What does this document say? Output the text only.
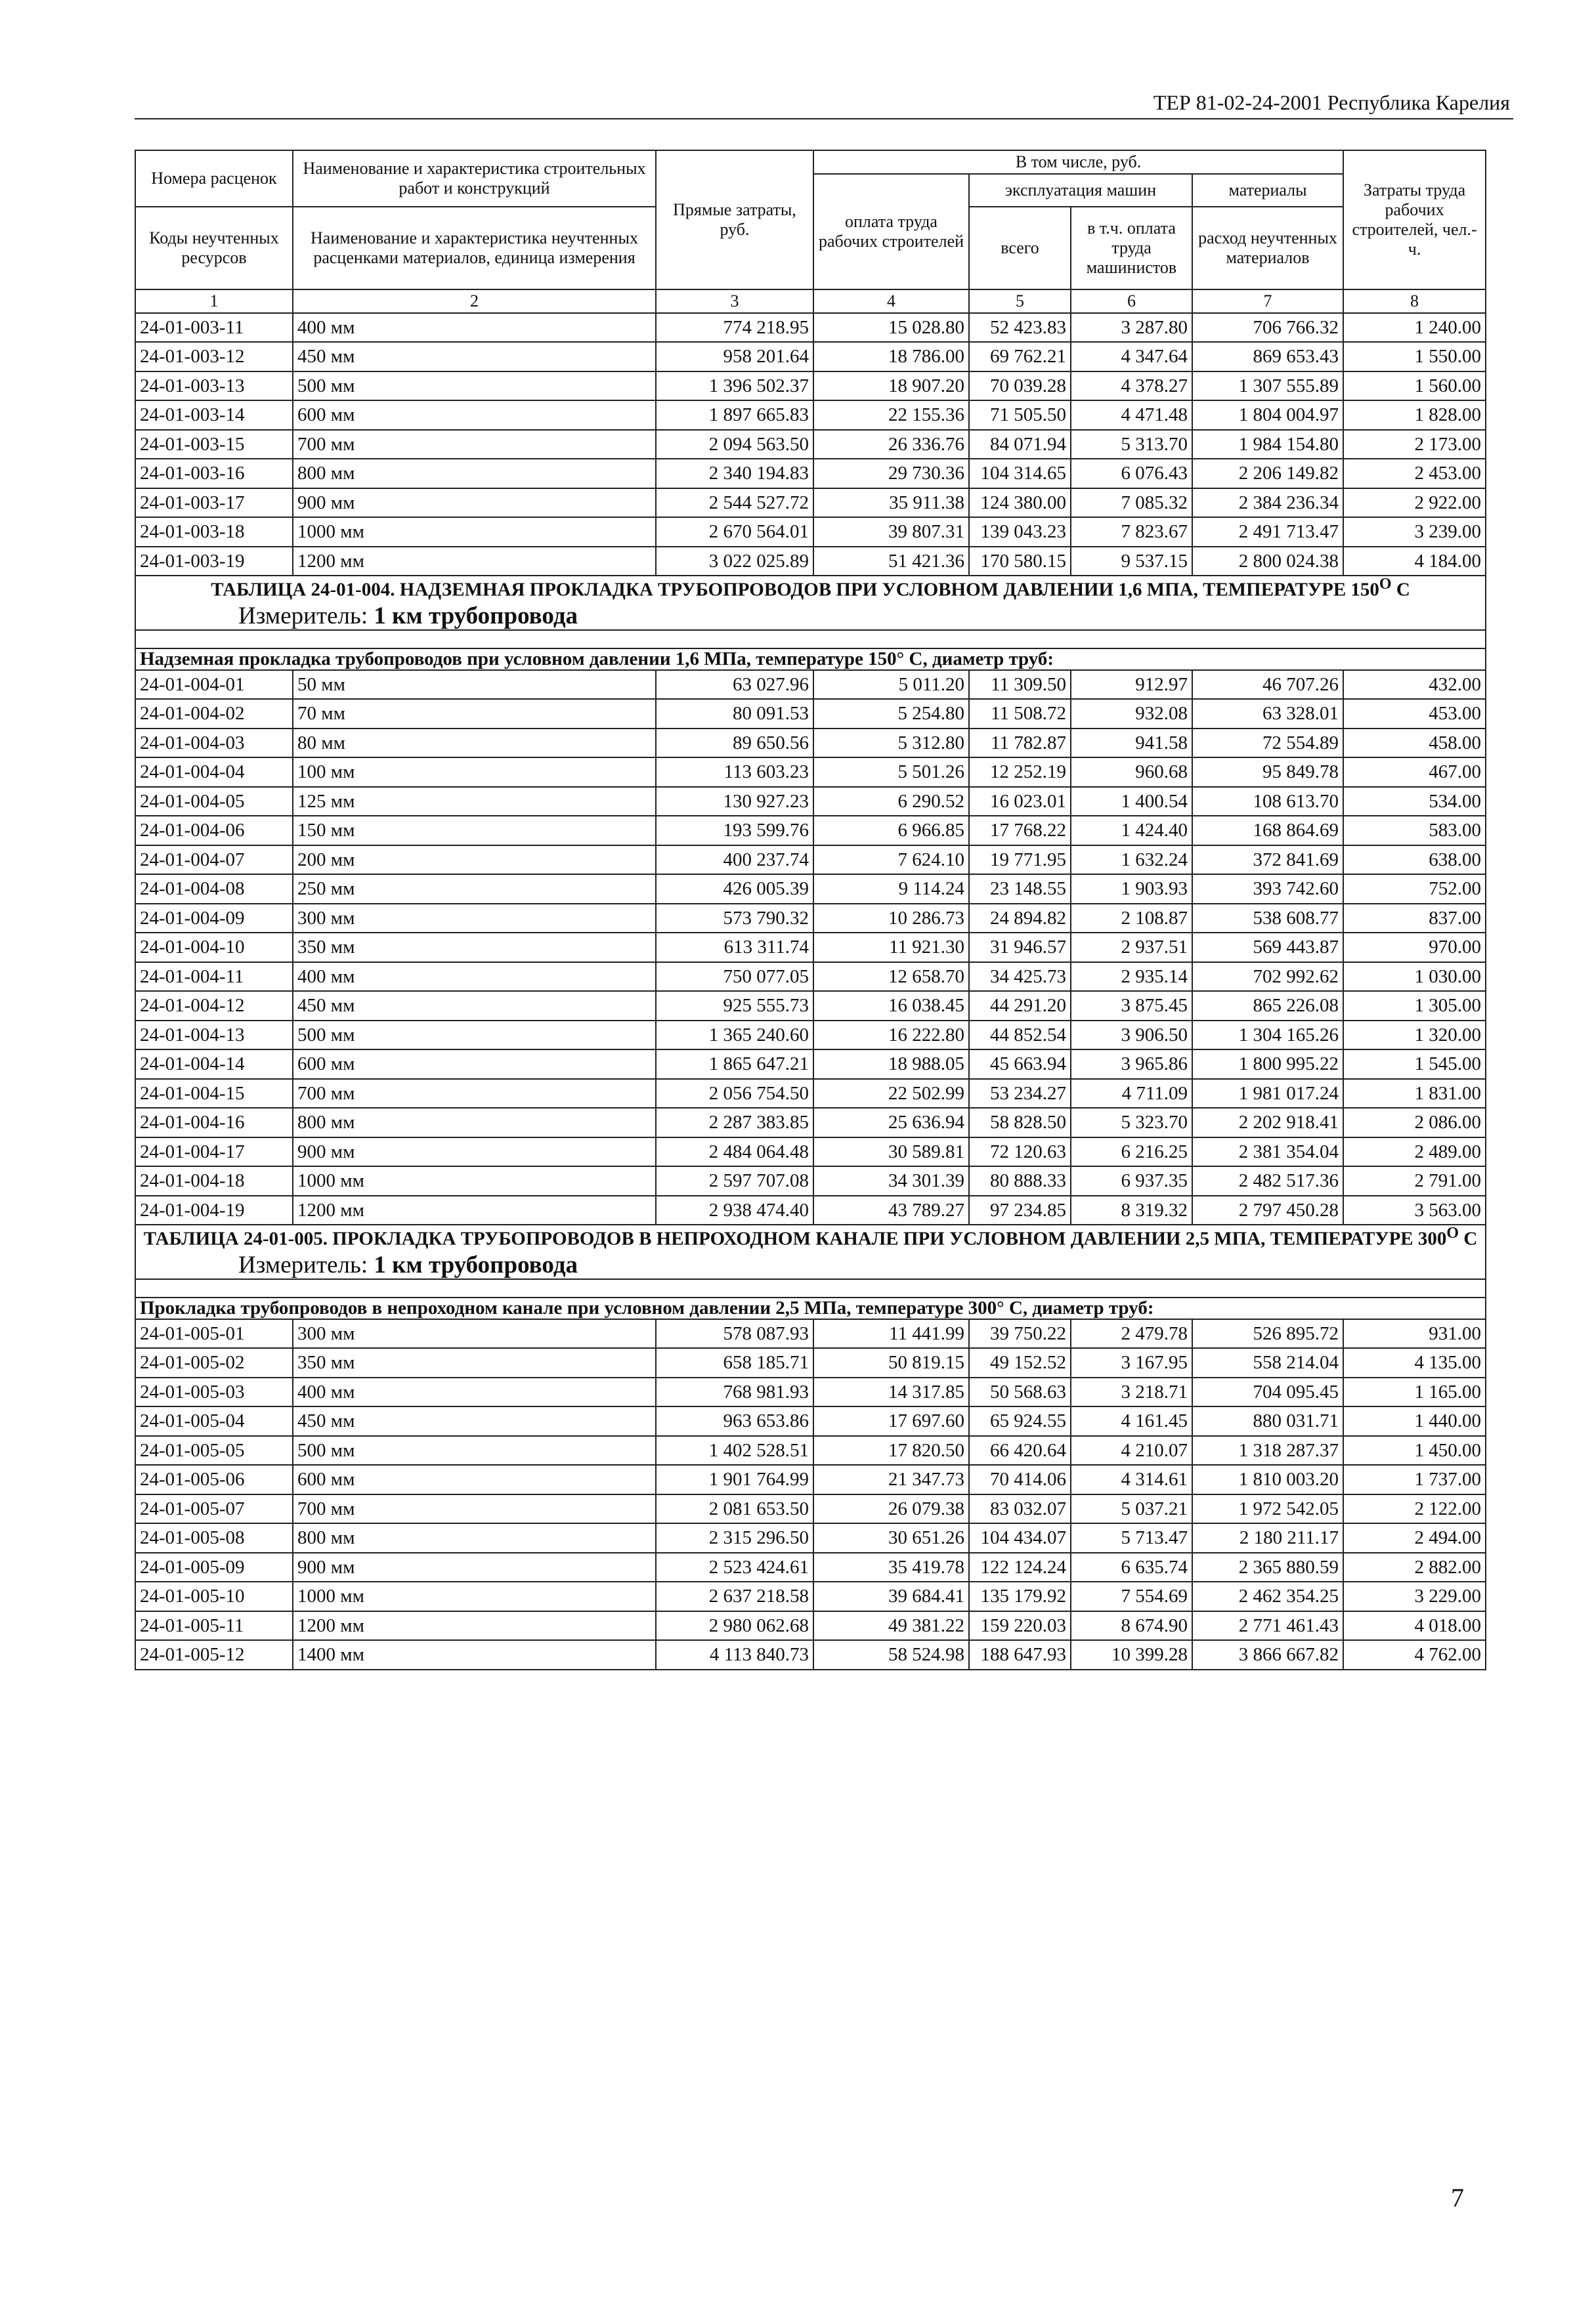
ТЕР 81-02-24-2001 Республика Карелия
Номера расценок	Наименование и характеристика строительных работ и конструкций	Прямые затраты, руб.	В том числе, руб.				Затраты труда рабочих строителей, чел.-ч.
			оплата труда рабочих строителей	эксплуатация машин		материалы	
Коды неучтенных ресурсов	Наименование и характеристика неучтенных расценками материалов, единица измерения			всего	в т.ч. оплата труда машинистов	расход неучтенных материалов	

1	2	3	4	5	6	7	8
24-01-003-11	400 мм	774 218.95	15 028.80	52 423.83	3 287.80	706 766.32	1 240.00
24-01-003-12	450 мм	958 201.64	18 786.00	69 762.21	4 347.64	869 653.43	1 550.00
24-01-003-13	500 мм	1 396 502.37	18 907.20	70 039.28	4 378.27	1 307 555.89	1 560.00
24-01-003-14	600 мм	1 897 665.83	22 155.36	71 505.50	4 471.48	1 804 004.97	1 828.00
24-01-003-15	700 мм	2 094 563.50	26 336.76	84 071.94	5 313.70	1 984 154.80	2 173.00
24-01-003-16	800 мм	2 340 194.83	29 730.36	104 314.65	6 076.43	2 206 149.82	2 453.00
24-01-003-17	900 мм	2 544 527.72	35 911.38	124 380.00	7 085.32	2 384 236.34	2 922.00
24-01-003-18	1000 мм	2 670 564.01	39 807.31	139 043.23	7 823.67	2 491 713.47	3 239.00
24-01-003-19	1200 мм	3 022 025.89	51 421.36	170 580.15	9 537.15	2 800 024.38	4 184.00
ТАБЛИЦА 24-01-004. НАДЗЕМНАЯ ПРОКЛАДКА ТРУБОПРОВОДОВ ПРИ УСЛОВНОМ ДАВЛЕНИИ 1,6 МПА, ТЕМПЕРАТУРЕ $150^О$ С
Измеритель: 1 км трубопровода							

Надземная прокладка трубопроводов при условном давлении 1,6 МПа, температуре 150° С, диаметр труб:							
24-01-004-01	50 мм	63 027.96	5 011.20	11 309.50	912.97	46 707.26	432.00
24-01-004-02	70 мм	80 091.53	5 254.80	11 508.72	932.08	63 328.01	453.00
24-01-004-03	80 мм	89 650.56	5 312.80	11 782.87	941.58	72 554.89	458.00
24-01-004-04	100 мм	113 603.23	5 501.26	12 252.19	960.68	95 849.78	467.00
24-01-004-05	125 мм	130 927.23	6 290.52	16 023.01	1 400.54	108 613.70	534.00
24-01-004-06	150 мм	193 599.76	6 966.85	17 768.22	1 424.40	168 864.69	583.00
24-01-004-07	200 мм	400 237.74	7 624.10	19 771.95	1 632.24	372 841.69	638.00
24-01-004-08	250 мм	426 005.39	9 114.24	23 148.55	1 903.93	393 742.60	752.00
24-01-004-09	300 мм	573 790.32	10 286.73	24 894.82	2 108.87	538 608.77	837.00
24-01-004-10	350 мм	613 311.74	11 921.30	31 946.57	2 937.51	569 443.87	970.00
24-01-004-11	400 мм	750 077.05	12 658.70	34 425.73	2 935.14	702 992.62	1 030.00
24-01-004-12	450 мм	925 555.73	16 038.45	44 291.20	3 875.45	865 226.08	1 305.00
24-01-004-13	500 мм	1 365 240.60	16 222.80	44 852.54	3 906.50	1 304 165.26	1 320.00
24-01-004-14	600 мм	1 865 647.21	18 988.05	45 663.94	3 965.86	1 800 995.22	1 545.00
24-01-004-15	700 мм	2 056 754.50	22 502.99	53 234.27	4 711.09	1 981 017.24	1 831.00
24-01-004-16	800 мм	2 287 383.85	25 636.94	58 828.50	5 323.70	2 202 918.41	2 086.00
24-01-004-17	900 мм	2 484 064.48	30 589.81	72 120.63	6 216.25	2 381 354.04	2 489.00
24-01-004-18	1000 мм	2 597 707.08	34 301.39	80 888.33	6 937.35	2 482 517.36	2 791.00
24-01-004-19	1200 мм	2 938 474.40	43 789.27	97 234.85	8 319.32	2 797 450.28	3 563.00
ТАБЛИЦА 24-01-005. ПРОКЛАДКА ТРУБОПРОВОДОВ В НЕПРОХОДНОМ КАНАЛЕ ПРИ УСЛОВНОМ ДАВЛЕНИИ 2,5 МПА, ТЕМПЕРАТУРЕ $300^О$ С
Измеритель: 1 км трубопровода							

Прокладка трубопроводов в непроходном канале при условном давлении 2,5 МПа, температуре 300° С, диаметр труб:							
24-01-005-01	300 мм	578 087.93	11 441.99	39 750.22	2 479.78	526 895.72	931.00
24-01-005-02	350 мм	658 185.71	50 819.15	49 152.52	3 167.95	558 214.04	4 135.00
24-01-005-03	400 мм	768 981.93	14 317.85	50 568.63	3 218.71	704 095.45	1 165.00
24-01-005-04	450 мм	963 653.86	17 697.60	65 924.55	4 161.45	880 031.71	1 440.00
24-01-005-05	500 мм	1 402 528.51	17 820.50	66 420.64	4 210.07	1 318 287.37	1 450.00
24-01-005-06	600 мм	1 901 764.99	21 347.73	70 414.06	4 314.61	1 810 003.20	1 737.00
24-01-005-07	700 мм	2 081 653.50	26 079.38	83 032.07	5 037.21	1 972 542.05	2 122.00
24-01-005-08	800 мм	2 315 296.50	30 651.26	104 434.07	5 713.47	2 180 211.17	2 494.00
24-01-005-09	900 мм	2 523 424.61	35 419.78	122 124.24	6 635.74	2 365 880.59	2 882.00
24-01-005-10	1000 мм	2 637 218.58	39 684.41	135 179.92	7 554.69	2 462 354.25	3 229.00
24-01-005-11	1200 мм	2 980 062.68	49 381.22	159 220.03	8 674.90	2 771 461.43	4 018.00
24-01-005-12	1400 мм	4 113 840.73	58 524.98	188 647.93	10 399.28	3 866 667.82	4 762.00
7
